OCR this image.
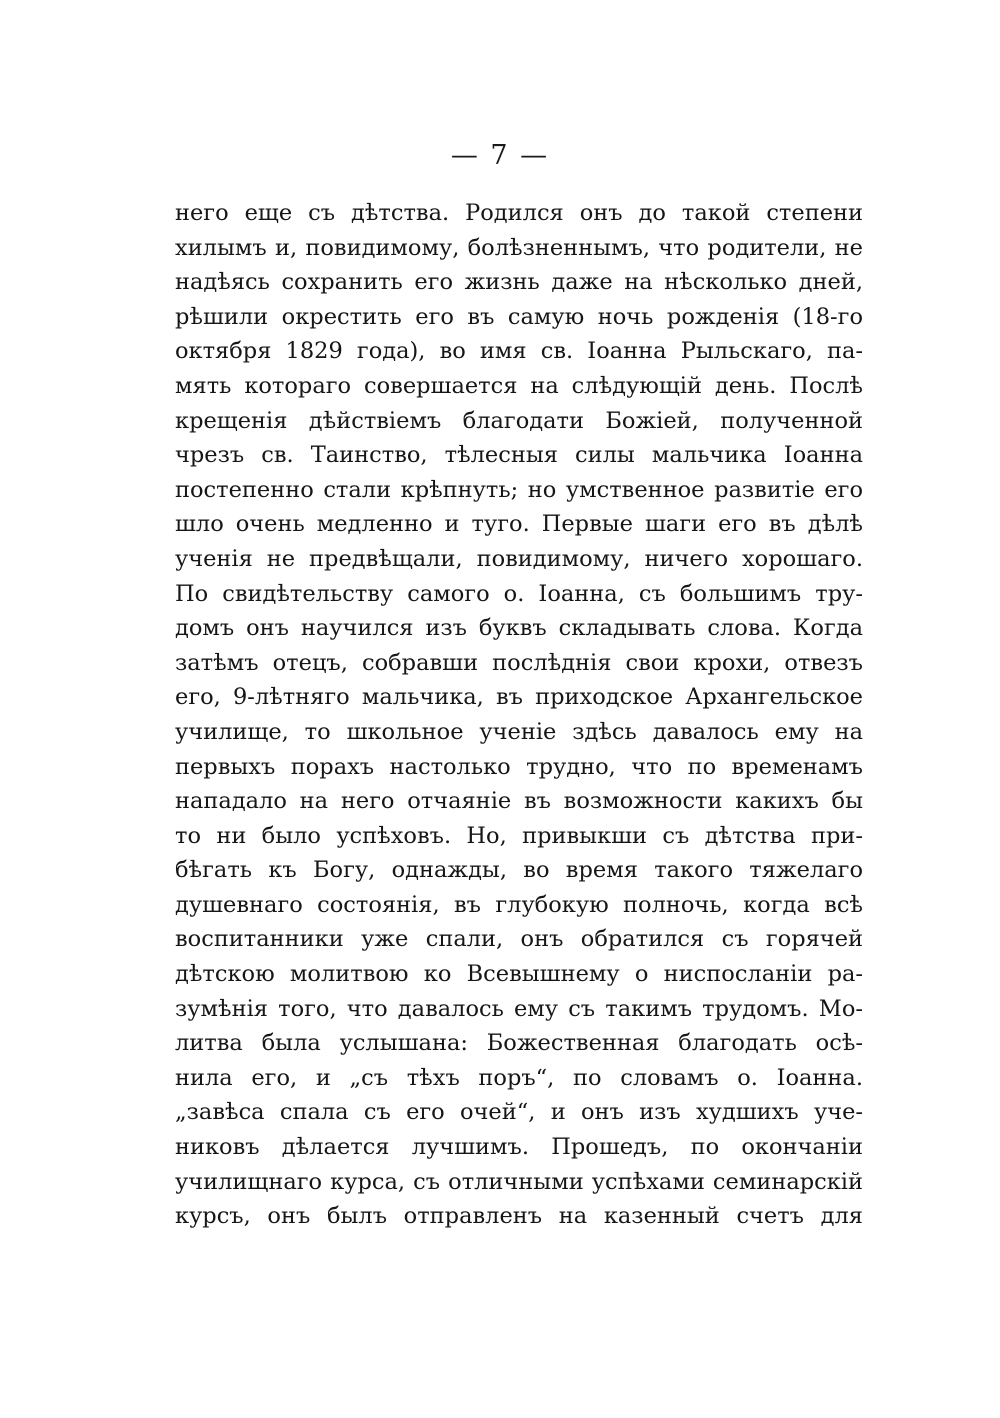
— 7 —
него еще съ дѣтства. Родился онъ до такой степени
хилымъ и, повидимому, болѣзненнымъ, что родители, не
надѣясь сохранить его жизнь даже на нѣсколько дней,
рѣшили окрестить его въ самую ночь рожденія (18-го
октября 1829 года), во имя св. Іоанна Рыльскаго, па-
мять котораго совершается на слѣдующій день. Послѣ
крещенія дѣйствіемъ благодати Божіей, полученной
чрезъ св. Таинство, тѣлесныя силы мальчика Іоанна
постепенно стали крѣпнуть; но умственное развитіе его
шло очень медленно и туго. Первые шаги его въ дѣлѣ
ученія не предвѣщали, повидимому, ничего хорошаго.
По свидѣтельству самого о. Іоанна, съ большимъ тру-
домъ онъ научился изъ буквъ складывать слова. Когда
затѣмъ отецъ, собравши послѣднія свои крохи, отвезъ
его, 9-лѣтняго мальчика, въ приходское Архангельское
училище, то школьное ученіе здѣсь давалось ему на
первыхъ порахъ настолько трудно, что по временамъ
нападало на него отчаяніе въ возможности какихъ бы
то ни было успѣховъ. Но, привыкши съ дѣтства при-
бѣгать къ Богу, однажды, во время такого тяжелаго
душевнаго состоянія, въ глубокую полночь, когда всѣ
воспитанники уже спали, онъ обратился съ горячей
дѣтскою молитвою ко Всевышнему о ниспосланіи ра-
зумѣнія того, что давалось ему съ такимъ трудомъ. Мо-
литва была услышана: Божественная благодать осѣ-
нила его, и „съ тѣхъ поръ“, по словамъ о. Іоанна.
„завѣса спала съ его очей“, и онъ изъ худшихъ уче-
никовъ дѣлается лучшимъ. Прошедъ, по окончаніи
училищнаго курса, съ отличными успѣхами семинарскій
курсъ, онъ былъ отправленъ на казенный счетъ для
